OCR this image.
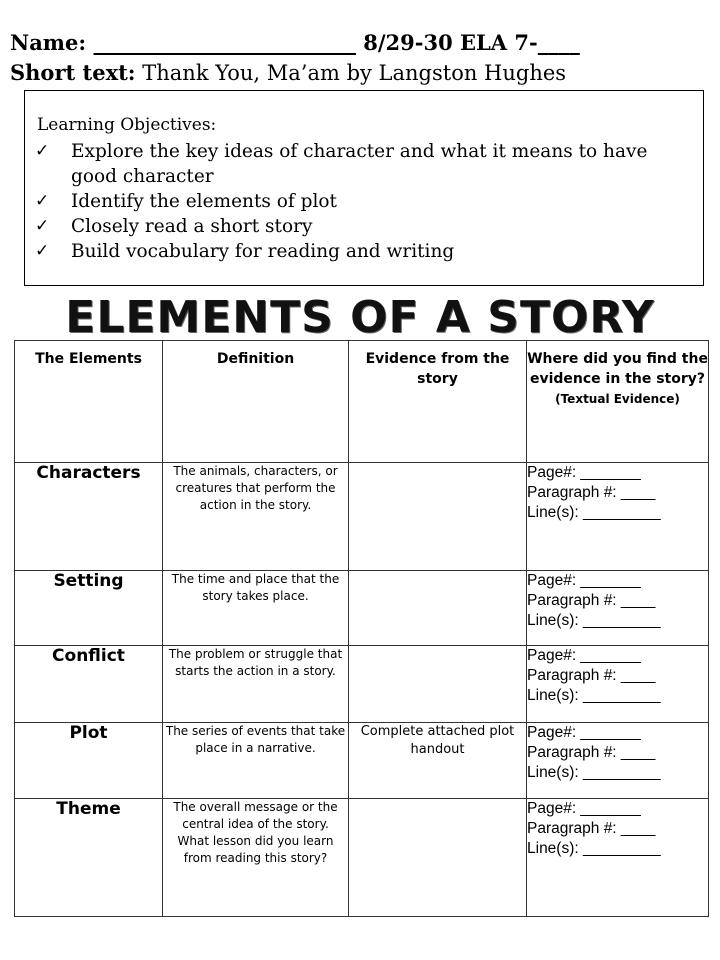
Name: _________________________ 8/29-30 ELA 7-____
Short text: Thank You, Ma’am by Langston Hughes
Learning Objectives:
✓ Explore the key ideas of character and what it means to have good character
✓ Identify the elements of plot
✓ Closely read a short story
✓ Build vocabulary for reading and writing
ELEMENTS OF A STORY
The Elements	Definition	Evidence from the story	Where did you find the evidence in the story?
(Textual Evidence)

Characters	The animals, characters, or creatures that perform the action in the story.		Page#: _______
Paragraph #: ____
Line(s): _________

Setting	The time and place that the story takes place.		Page#: _______
Paragraph #: ____
Line(s): _________

Conflict	The problem or struggle that starts the action in a story.		Page#: _______
Paragraph #: ____
Line(s): _________

Plot	The series of events that take place in a narrative.	Complete attached plot handout	Page#: _______
Paragraph #: ____
Line(s): _________

Theme	The overall message or the central idea of the story.
What lesson did you learn from reading this story?		Page#: _______
Paragraph #: ____
Line(s): _________
